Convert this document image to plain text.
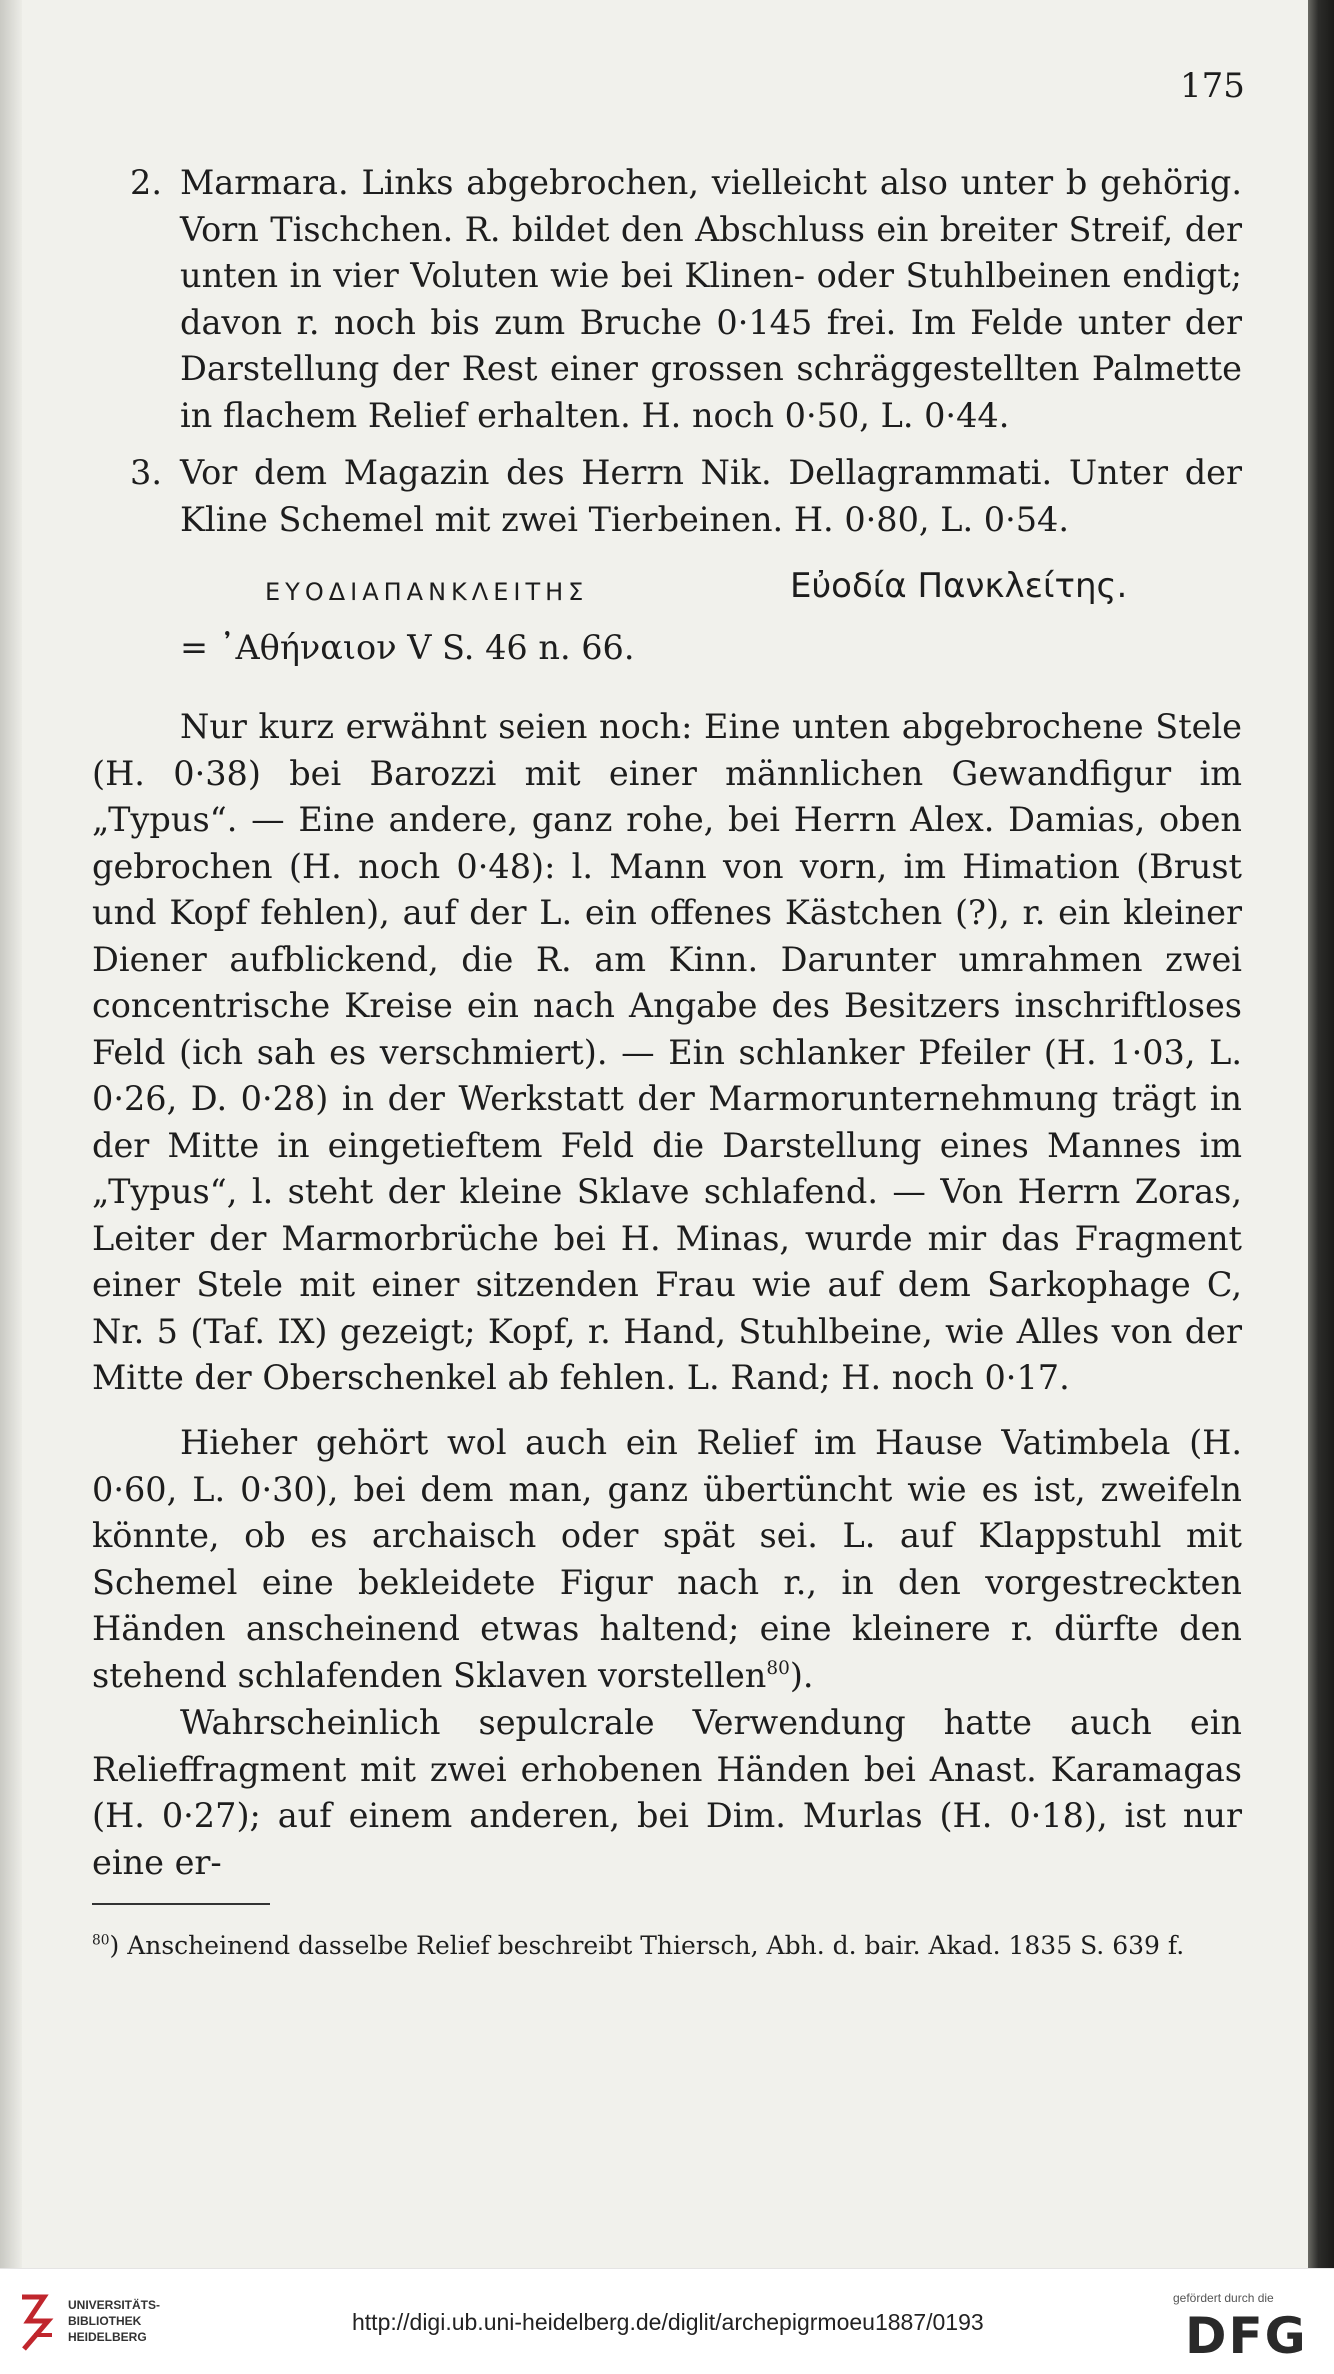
175
2. Marmara. Links abgebrochen, vielleicht also unter b gehörig. Vorn Tischchen. R. bildet den Abschluss ein breiter Streif, der unten in vier Voluten wie bei Klinen- oder Stuhlbeinen endigt; davon r. noch bis zum Bruche 0·145 frei. Im Felde unter der Darstellung der Rest einer grossen schräggestellten Palmette in flachem Relief erhalten. H. noch 0·50, L. 0·44.
3. Vor dem Magazin des Herrn Nik. Dellagrammati. Unter der Kline Schemel mit zwei Tierbeinen. H. 0·80, L. 0·54.
ΕΥΟΔΙΑΠΑΝΚΛΕΙΤΗΣ	Εὐοδία Πανκλείτης.
= ᾿Αθήναιον V S. 46 n. 66.
Nur kurz erwähnt seien noch: Eine unten abgebrochene Stele (H. 0·38) bei Barozzi mit einer männlichen Gewandfigur im „Typus“. — Eine andere, ganz rohe, bei Herrn Alex. Damias, oben gebrochen (H. noch 0·48): l. Mann von vorn, im Himation (Brust und Kopf fehlen), auf der L. ein offenes Kästchen (?), r. ein kleiner Diener aufblickend, die R. am Kinn. Darunter umrahmen zwei concentrische Kreise ein nach Angabe des Besitzers inschriftloses Feld (ich sah es verschmiert). — Ein schlanker Pfeiler (H. 1·03, L. 0·26, D. 0·28) in der Werkstatt der Marmorunternehmung trägt in der Mitte in eingetieftem Feld die Darstellung eines Mannes im „Typus“, l. steht der kleine Sklave schlafend. — Von Herrn Zoras, Leiter der Marmorbrüche bei H. Minas, wurde mir das Fragment einer Stele mit einer sitzenden Frau wie auf dem Sarkophage C, Nr. 5 (Taf. IX) gezeigt; Kopf, r. Hand, Stuhlbeine, wie Alles von der Mitte der Oberschenkel ab fehlen. L. Rand; H. noch 0·17.
Hieher gehört wol auch ein Relief im Hause Vatimbela (H. 0·60, L. 0·30), bei dem man, ganz übertüncht wie es ist, zweifeln könnte, ob es archaisch oder spät sei. L. auf Klappstuhl mit Schemel eine bekleidete Figur nach r., in den vorgestreckten Händen anscheinend etwas haltend; eine kleinere r. dürfte den stehend schlafenden Sklaven vorstellen$^{80}$).
Wahrscheinlich sepulcrale Verwendung hatte auch ein Relieffragment mit zwei erhobenen Händen bei Anast. Karamagas (H. 0·27); auf einem anderen, bei Dim. Murlas (H. 0·18), ist nur eine er-
$^{80}$) Anscheinend dasselbe Relief beschreibt Thiersch, Abh. d. bair. Akad. 1835 S. 639 f.
UNIVERSITÄTS-
BIBLIOTHEK
HEIDELBERG
http://digi.ub.uni-heidelberg.de/diglit/archepigrmoeu1887/0193
gefördert durch die
DFG
